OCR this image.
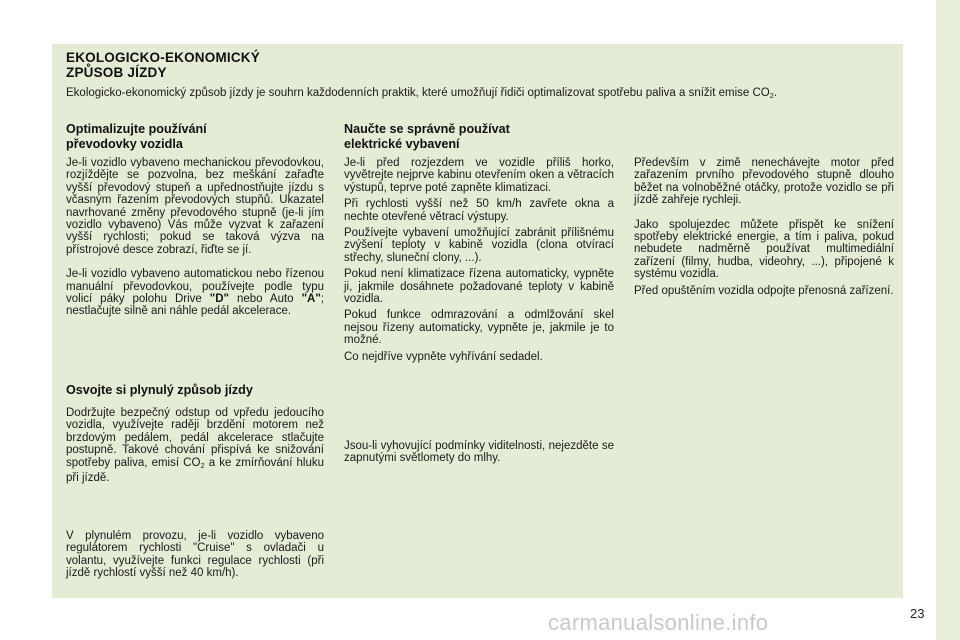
EKOLOGICKO-EKONOMICKÝ
ZPŮSOB JÍZDY

Ekologicko-ekonomický způsob jízdy je souhrn každodenních praktik, které umožňují řidiči optimalizovat spotřebu paliva a snížit emise $CO_2$.

Optimalizujte používání
převodovky vozidla

Je-li vozidlo vybaveno mechanickou převodovkou, rozjíždějte se pozvolna, bez meškání zařaďte vyšší převodový stupeň a upřednostňujte jízdu s včasným řazením převodových stupňů. Ukazatel navrhované změny převodového stupně (je-li jím vozidlo vybaveno) Vás může vyzvat k zařazení vyšší rychlosti; pokud se taková výzva na přístrojové desce zobrazí, řiďte se jí.

Je-li vozidlo vybaveno automatickou nebo řízenou manuální převodovkou, používejte podle typu volicí páky polohu Drive "D" nebo Auto "A"; nestlačujte silně ani náhle pedál akcelerace.

Osvojte si plynulý způsob jízdy

Dodržujte bezpečný odstup od vpředu jedoucího vozidla, využívejte raději brzdění motorem než brzdovým pedálem, pedál akcelerace stlačujte postupně. Takové chování přispívá ke snižování spotřeby paliva, emisí $CO_2$ a ke zmírňování hluku při jízdě.

V plynulém provozu, je-li vozidlo vybaveno regulátorem rychlosti "Cruise" s ovladači u volantu, využívejte funkci regulace rychlosti (při jízdě rychlostí vyšší než 40 km/h).

Naučte se správně používat
elektrické vybavení

Je-li před rozjezdem ve vozidle příliš horko, vyvětrejte nejprve kabinu otevřením oken a větracích výstupů, teprve poté zapněte klimatizaci.

Při rychlosti vyšší než 50 km/h zavřete okna a nechte otevřené větrací výstupy.

Používejte vybavení umožňující zabránit přílišnému zvýšení teploty v kabině vozidla (clona otvírací střechy, sluneční clony, ...).

Pokud není klimatizace řízena automaticky, vypněte ji, jakmile dosáhnete požadované teploty v kabině vozidla.

Pokud funkce odmrazování a odmlžování skel nejsou řízeny automaticky, vypněte je, jakmile je to možné.

Co nejdříve vypněte vyhřívání sedadel.

Jsou-li vyhovující podmínky viditelnosti, nejezděte se zapnutými světlomety do mlhy.

Především v zimě nenechávejte motor před zařazením prvního převodového stupně dlouho běžet na volnoběžné otáčky, protože vozidlo se při jízdě zahřeje rychleji.

Jako spolujezdec můžete přispět ke snížení spotřeby elektrické energie, a tím i paliva, pokud nebudete nadměrně používat multimediální zařízení (filmy, hudba, videohry, ...), připojené k systému vozidla.

Před opuštěním vozidla odpojte přenosná zařízení.

carmanualsonline.info	23
